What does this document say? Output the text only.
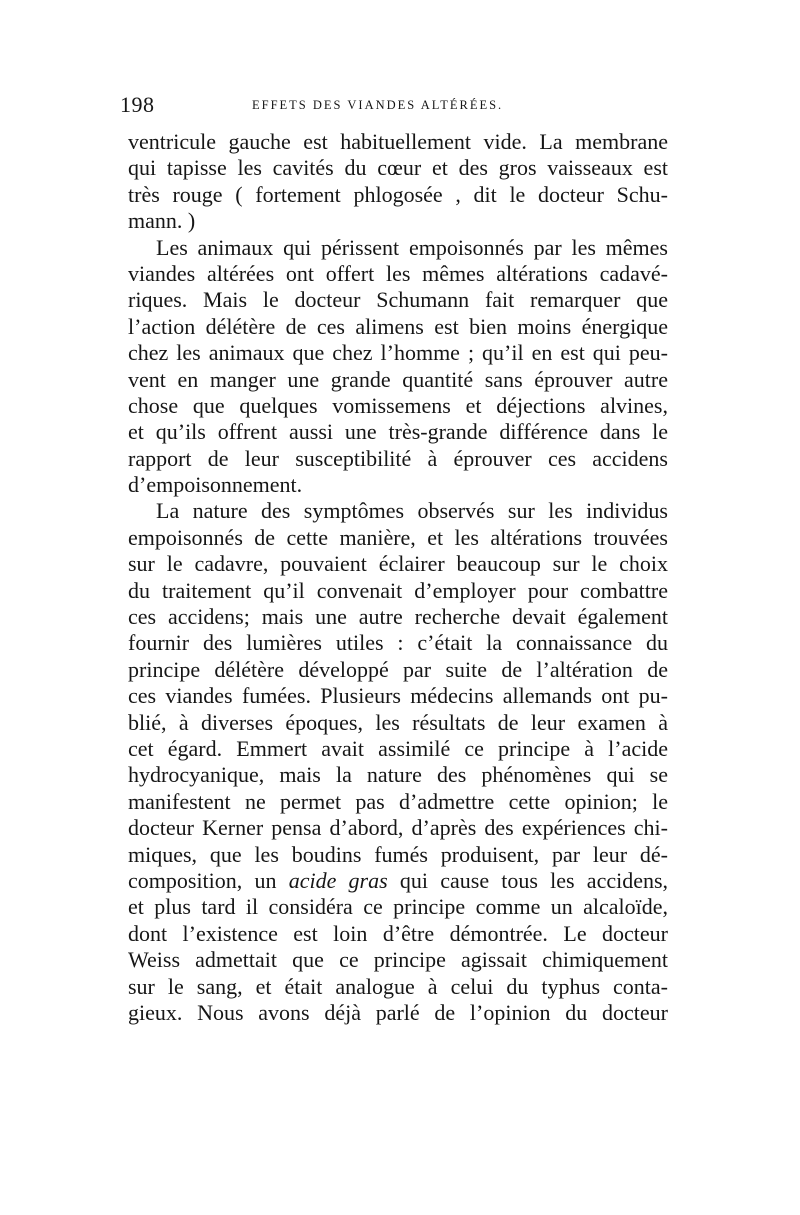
198	EFFETS DES VIANDES ALTÉRÉES.
ventricule gauche est habituellement vide. La membrane
qui tapisse les cavités du cœur et des gros vaisseaux est
très rouge ( fortement phlogosée , dit le docteur Schu-
mann. )
Les animaux qui périssent empoisonnés par les mêmes
viandes altérées ont offert les mêmes altérations cadavé-
riques. Mais le docteur Schumann fait remarquer que
l’action délétère de ces alimens est bien moins énergique
chez les animaux que chez l’homme ; qu’il en est qui peu-
vent en manger une grande quantité sans éprouver autre
chose que quelques vomissemens et déjections alvines,
et qu’ils offrent aussi une très-grande différence dans le
rapport de leur susceptibilité à éprouver ces accidens
d’empoisonnement.
La nature des symptômes observés sur les individus
empoisonnés de cette manière, et les altérations trouvées
sur le cadavre, pouvaient éclairer beaucoup sur le choix
du traitement qu’il convenait d’employer pour combattre
ces accidens; mais une autre recherche devait également
fournir des lumières utiles : c’était la connaissance du
principe délétère développé par suite de l’altération de
ces viandes fumées. Plusieurs médecins allemands ont pu-
blié, à diverses époques, les résultats de leur examen à
cet égard. Emmert avait assimilé ce principe à l’acide
hydrocyanique, mais la nature des phénomènes qui se
manifestent ne permet pas d’admettre cette opinion; le
docteur Kerner pensa d’abord, d’après des expériences chi-
miques, que les boudins fumés produisent, par leur dé-
composition, un acide gras qui cause tous les accidens,
et plus tard il considéra ce principe comme un alcaloïde,
dont l’existence est loin d’être démontrée. Le docteur
Weiss admettait que ce principe agissait chimiquement
sur le sang, et était analogue à celui du typhus conta-
gieux. Nous avons déjà parlé de l’opinion du docteur
